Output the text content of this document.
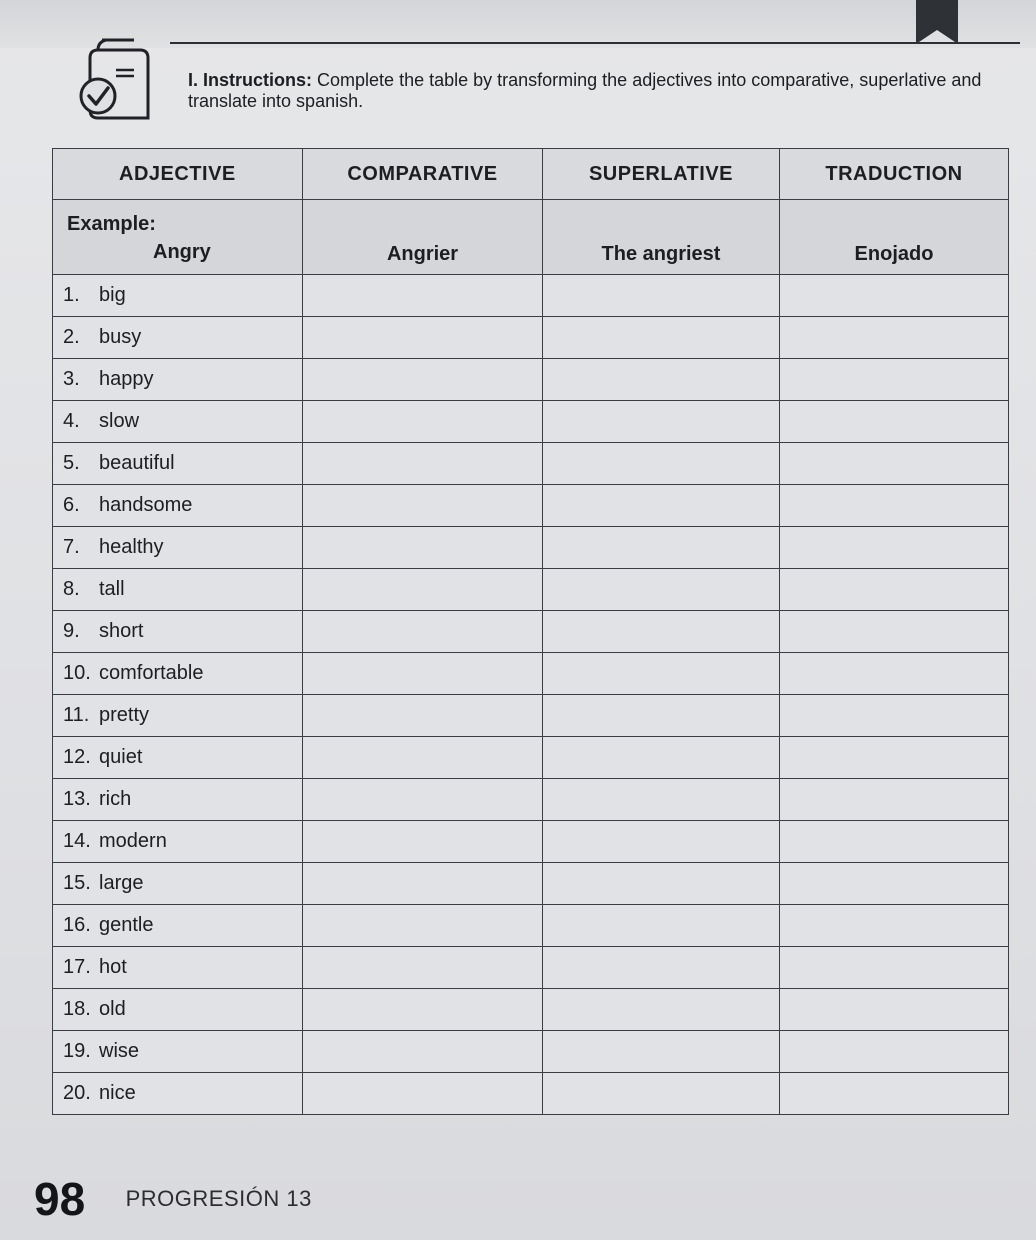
I. Instructions: Complete the table by transforming the adjectives into comparative, superlative and translate into spanish.
ADJECTIVE	COMPARATIVE	SUPERLATIVE	TRADUCTION
Example:
Angry	Angrier	The angriest	Enojado
1. big			
2. busy			
3. happy			
4. slow			
5. beautiful			
6. handsome			
7. healthy			
8. tall			
9. short			
10. comfortable			
11. pretty			
12. quiet			
13. rich			
14. modern			
15. large			
16. gentle			
17. hot			
18. old			
19. wise			
20. nice			
98 PROGRESIÓN 13
